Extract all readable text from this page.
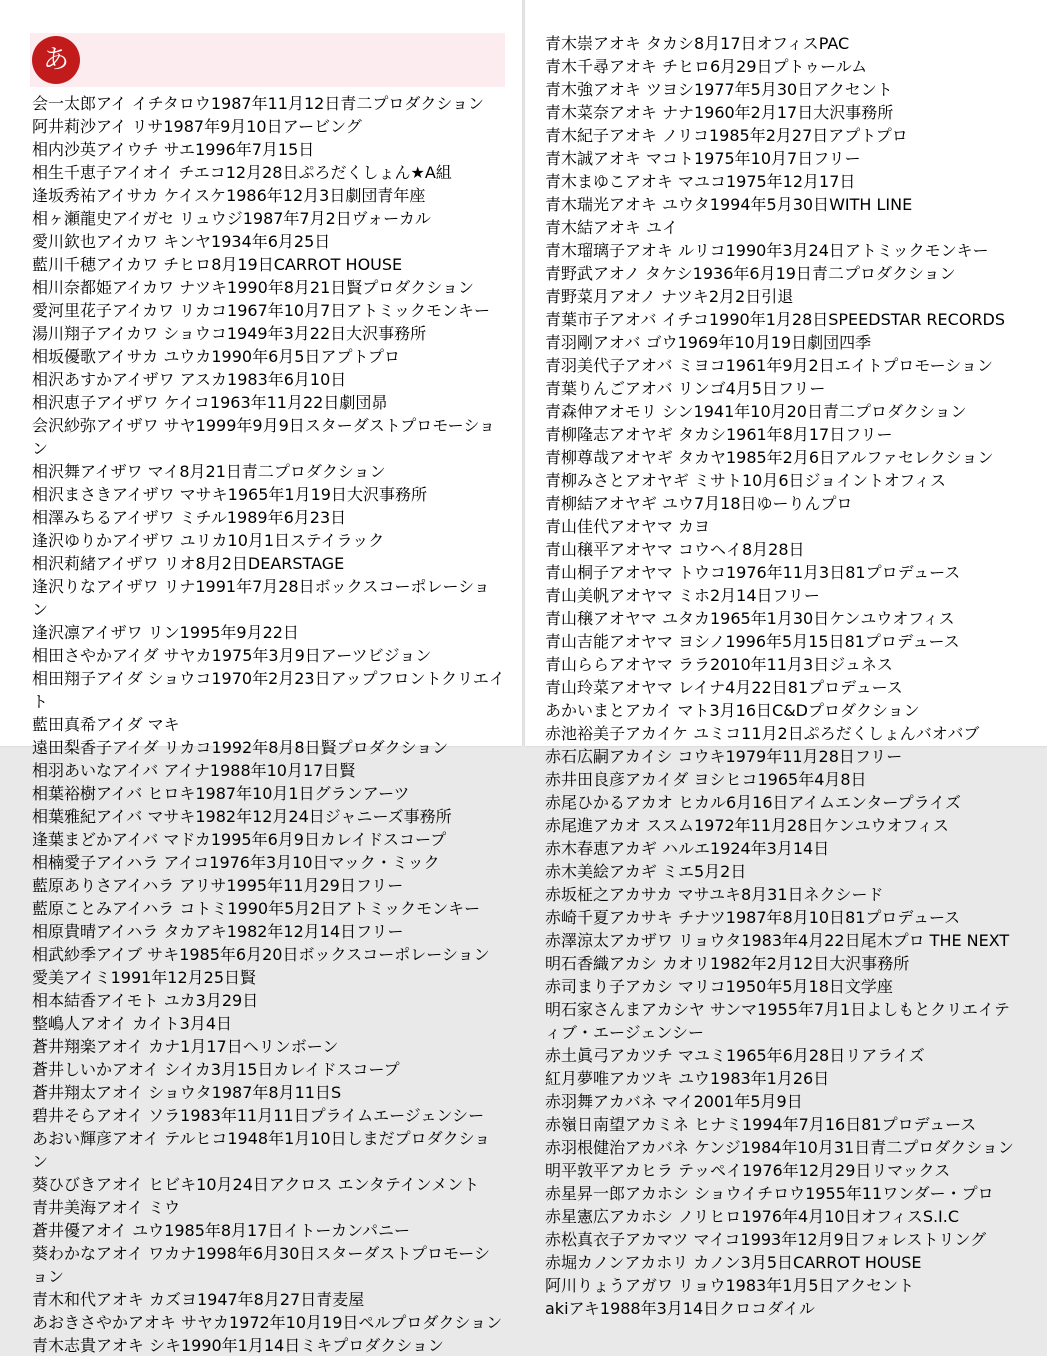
あ
会一太郎アイ イチタロウ1987年11月12日青二プロダクション
阿井莉沙アイ リサ1987年9月10日アービング
相内沙英アイウチ サエ1996年7月15日
相生千恵子アイオイ チエコ12月28日ぷろだくしょん★A組
逢坂秀祐アイサカ ケイスケ1986年12月3日劇団青年座
相ヶ瀬龍史アイガセ リュウジ1987年7月2日ヴォーカル
愛川欽也アイカワ キンヤ1934年6月25日
藍川千穂アイカワ チヒロ8月19日CARROT HOUSE
相川奈都姫アイカワ ナツキ1990年8月21日賢プロダクション
愛河里花子アイカワ リカコ1967年10月7日アトミックモンキー
湯川翔子アイカワ ショウコ1949年3月22日大沢事務所
相坂優歌アイサカ ユウカ1990年6月5日アプトプロ
相沢あすかアイザワ アスカ1983年6月10日
相沢恵子アイザワ ケイコ1963年11月22日劇団昴
会沢紗弥アイザワ サヤ1999年9月9日スターダストプロモーション
相沢舞アイザワ マイ8月21日青二プロダクション
相沢まさきアイザワ マサキ1965年1月19日大沢事務所
相澤みちるアイザワ ミチル1989年6月23日
逢沢ゆりかアイザワ ユリカ10月1日ステイラック
相沢莉緒アイザワ リオ8月2日DEARSTAGE
逢沢りなアイザワ リナ1991年7月28日ボックスコーポレーション
逢沢凛アイザワ リン1995年9月22日
相田さやかアイダ サヤカ1975年3月9日アーツビジョン
相田翔子アイダ ショウコ1970年2月23日アップフロントクリエイト
藍田真希アイダ マキ
遠田梨香子アイダ リカコ1992年8月8日賢プロダクション
相羽あいなアイバ アイナ1988年10月17日賢
相葉裕樹アイバ ヒロキ1987年10月1日グランアーツ
相葉雅紀アイバ マサキ1982年12月24日ジャニーズ事務所
逢葉まどかアイバ マドカ1995年6月9日カレイドスコープ
相楠愛子アイハラ アイコ1976年3月10日マック・ミック
藍原ありさアイハラ アリサ1995年11月29日フリー
藍原ことみアイハラ コトミ1990年5月2日アトミックモンキー
相原貴晴アイハラ タカアキ1982年12月14日フリー
相武紗季アイブ サキ1985年6月20日ボックスコーポレーション
愛美アイミ1991年12月25日賢
相本結香アイモト ユカ3月29日
整嶋人アオイ カイト3月4日
蒼井翔楽アオイ カナ1月17日ヘリンボーン
蒼井しいかアオイ シイカ3月15日カレイドスコープ
蒼井翔太アオイ ショウタ1987年8月11日S
碧井そらアオイ ソラ1983年11月11日プライムエージェンシー
あおい輝彦アオイ テルヒコ1948年1月10日しまだプロダクション
葵ひびきアオイ ヒビキ10月24日アクロス エンタテインメント
青井美海アオイ ミウ
蒼井優アオイ ユウ1985年8月17日イトーカンパニー
葵わかなアオイ ワカナ1998年6月30日スターダストプロモーション
青木和代アオキ カズヨ1947年8月27日青麦屋
あおきさやかアオキ サヤカ1972年10月19日ペルプロダクション
青木志貴アオキ シキ1990年1月14日ミキプロダクション
青木崇アオキ タカシ8月17日オフィスPAC
青木千尋アオキ チヒロ6月29日プトゥールム
青木強アオキ ツヨシ1977年5月30日アクセント
青木菜奈アオキ ナナ1960年2月17日大沢事務所
青木紀子アオキ ノリコ1985年2月27日アプトプロ
青木誠アオキ マコト1975年10月7日フリー
青木まゆこアオキ マユコ1975年12月17日
青木瑞光アオキ ユウタ1994年5月30日WITH LINE
青木結アオキ ユイ
青木瑠璃子アオキ ルリコ1990年3月24日アトミックモンキー
青野武アオノ タケシ1936年6月19日青二プロダクション
青野菜月アオノ ナツキ2月2日引退
青葉市子アオバ イチコ1990年1月28日SPEEDSTAR RECORDS
青羽剛アオバ ゴウ1969年10月19日劇団四季
青羽美代子アオバ ミヨコ1961年9月2日エイトプロモーション
青葉りんごアオバ リンゴ4月5日フリー
青森伸アオモリ シン1941年10月20日青二プロダクション
青柳隆志アオヤギ タカシ1961年8月17日フリー
青柳尊哉アオヤギ タカヤ1985年2月6日アルファセレクション
青柳みさとアオヤギ ミサト10月6日ジョイントオフィス
青柳結アオヤギ ユウ7月18日ゆーりんプロ
青山佳代アオヤマ カヨ
青山穣平アオヤマ コウヘイ8月28日
青山桐子アオヤマ トウコ1976年11月3日81プロデュース
青山美帆アオヤマ ミホ2月14日フリー
青山穣アオヤマ ユタカ1965年1月30日ケンユウオフィス
青山吉能アオヤマ ヨシノ1996年5月15日81プロデュース
青山ららアオヤマ ララ2010年11月3日ジュネス
青山玲菜アオヤマ レイナ4月22日81プロデュース
あかいまとアカイ マト3月16日C&Dプロダクション
赤池裕美子アカイケ ユミコ11月2日ぷろだくしょんバオバブ
赤石広嗣アカイシ コウキ1979年11月28日フリー
赤井田良彦アカイダ ヨシヒコ1965年4月8日
赤尾ひかるアカオ ヒカル6月16日アイムエンタープライズ
赤尾進アカオ ススム1972年11月28日ケンユウオフィス
赤木春恵アカギ ハルエ1924年3月14日
赤木美絵アカギ ミエ5月2日
赤坂柾之アカサカ マサユキ8月31日ネクシード
赤崎千夏アカサキ チナツ1987年8月10日81プロデュース
赤澤涼太アカザワ リョウタ1983年4月22日尾木プロ THE NEXT
明石香織アカシ カオリ1982年2月12日大沢事務所
赤司まり子アカシ マリコ1950年5月18日文学座
明石家さんまアカシヤ サンマ1955年7月1日よしもとクリエイティブ・エージェンシー
赤土眞弓アカツチ マユミ1965年6月28日リアライズ
紅月夢唯アカツキ ユウ1983年1月26日
赤羽舞アカバネ マイ2001年5月9日
赤嶺日南望アカミネ ヒナミ1994年7月16日81プロデュース
赤羽根健治アカバネ ケンジ1984年10月31日青二プロダクション
明平敦平アカヒラ テッペイ1976年12月29日リマックス
赤星昇一郎アカホシ ショウイチロウ1955年11ワンダー・プロ
赤星憲広アカホシ ノリヒロ1976年4月10日オフィスS.I.C
赤松真衣子アカマツ マイコ1993年12月9日フォレストリング
赤堀カノンアカホリ カノン3月5日CARROT HOUSE
阿川りょうアガワ リョウ1983年1月5日アクセント
akiアキ1988年3月14日クロコダイル
